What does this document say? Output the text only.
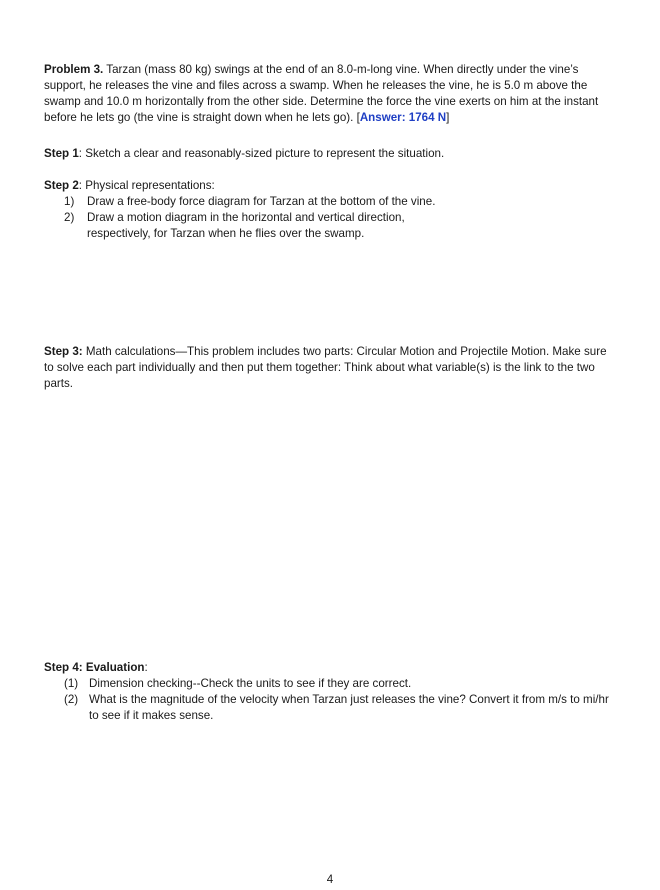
Problem 3. Tarzan (mass 80 kg) swings at the end of an 8.0-m-long vine. When directly under the vine’s support, he releases the vine and files across a swamp. When he releases the vine, he is 5.0 m above the swamp and 10.0 m horizontally from the other side. Determine the force the vine exerts on him at the instant before he lets go (the vine is straight down when he lets go). [Answer: 1764 N]
Step 1: Sketch a clear and reasonably-sized picture to represent the situation.
Step 2: Physical representations:
1) Draw a free-body force diagram for Tarzan at the bottom of the vine.
2) Draw a motion diagram in the horizontal and vertical direction, respectively, for Tarzan when he flies over the swamp.
Step 3: Math calculations—This problem includes two parts: Circular Motion and Projectile Motion. Make sure to solve each part individually and then put them together: Think about what variable(s) is the link to the two parts.
Step 4: Evaluation:
(1) Dimension checking--Check the units to see if they are correct.
(2) What is the magnitude of the velocity when Tarzan just releases the vine? Convert it from m/s to mi/hr to see if it makes sense.
4
